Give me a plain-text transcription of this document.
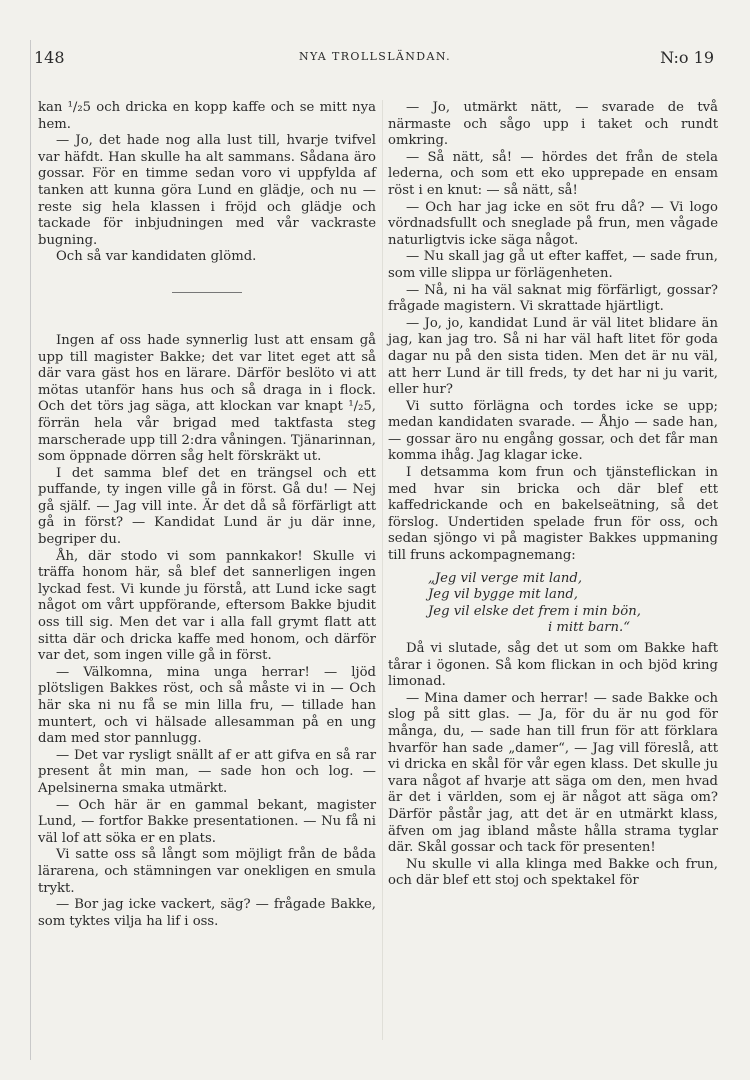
148	NYA TROLLSLÄNDAN.	N:o 19

kan ¹/₂5 och dricka en kopp kaffe och se mitt nya hem.

— Jo, det hade nog alla lust till, hvarje tvifvel var häfdt. Han skulle ha alt sammans. Sådana äro gossar. För en timme sedan voro vi uppfylda af tanken att kunna göra Lund en glädje, och nu — reste sig hela klassen i fröjd och glädje och tackade för inbjudningen med vår vackraste bugning.

Och så var kandidaten glömd.

Ingen af oss hade synnerlig lust att ensam gå upp till magister Bakke; det var litet eget att så där vara gäst hos en lärare. Därför beslöto vi att mötas utanför hans hus och så draga in i flock. Och det törs jag säga, att klockan var knapt ¹/₂5, förrän hela vår brigad med taktfasta steg marscherade upp till 2:dra våningen. Tjänarinnan, som öppnade dörren såg helt förskräkt ut.

I det samma blef det en trängsel och ett puffande, ty ingen ville gå in först. Gå du! — Nej gå själf. — Jag vill inte. Är det då så förfärligt att gå in först? — Kandidat Lund är ju där inne, begriper du.

Åh, där stodo vi som pannkakor! Skulle vi träffa honom här, så blef det sannerligen ingen lyckad fest. Vi kunde ju förstå, att Lund icke sagt något om vårt uppförande, eftersom Bakke bjudit oss till sig. Men det var i alla fall grymt flatt att sitta där och dricka kaffe med honom, och därför var det, som ingen ville gå in först.

— Välkomna, mina unga herrar! — ljöd plötsligen Bakkes röst, och så måste vi in — Och här ska ni nu få se min lilla fru, — tillade han muntert, och vi hälsade allesamman på en ung dam med stor pannlugg.

— Det var rysligt snällt af er att gifva en så rar present åt min man, — sade hon och log. — Apelsinerna smaka utmärkt.

— Och här är en gammal bekant, magister Lund, — fortfor Bakke presentationen. — Nu få ni väl lof att söka er en plats.

Vi satte oss så långt som möjligt från de båda lärarena, och stämningen var onekligen en smula trykt.

— Bor jag icke vackert, säg? — frågade Bakke, som tyktes vilja ha lif i oss.

— Jo, utmärkt nätt, — svarade de två närmaste och sågo upp i taket och rundt omkring.

— Så nätt, så! — hördes det från de stela lederna, och som ett eko upprepade en ensam röst i en knut: — så nätt, så!

— Och har jag icke en söt fru då? — Vi logo vördnadsfullt och sneglade på frun, men vågade naturligtvis icke säga något.

— Nu skall jag gå ut efter kaffet, — sade frun, som ville slippa ur förlägenheten.

— Nå, ni ha väl saknat mig förfärligt, gossar? frågade magistern. Vi skrattade hjärtligt.

— Jo, jo, kandidat Lund är väl litet blidare än jag, kan jag tro. Så ni har väl haft litet för goda dagar nu på den sista tiden. Men det är nu väl, att herr Lund är till freds, ty det har ni ju varit, eller hur?

Vi sutto förlägna och tordes icke se upp; medan kandidaten svarade. — Åhjo — sade han, — gossar äro nu engång gossar, och det får man komma ihåg. Jag klagar icke.

I detsamma kom frun och tjänsteflickan in med hvar sin bricka och där blef ett kaffedrickande och en bakelseätning, så det förslog. Undertiden spelade frun för oss, och sedan sjöngo vi på magister Bakkes uppmaning till fruns ackompagnemang:

„Jeg vil verge mit land,
Jeg vil bygge mit land,
Jeg vil elske det frem i min bön,
i mitt barn.“

Då vi slutade, såg det ut som om Bakke haft tårar i ögonen. Så kom flickan in och bjöd kring limonad.

— Mina damer och herrar! — sade Bakke och slog på sitt glas. — Ja, för du är nu god för många, du, — sade han till frun för att förklara hvarför han sade „damer“, — Jag vill föreslå, att vi dricka en skål för vår egen klass. Det skulle ju vara något af hvarje att säga om den, men hvad är det i världen, som ej är något att säga om? Därför påstår jag, att det är en utmärkt klass, äfven om jag ibland måste hålla strama tyglar där. Skål gossar och tack för presenten!

Nu skulle vi alla klinga med Bakke och frun, och där blef ett stoj och spektakel för
